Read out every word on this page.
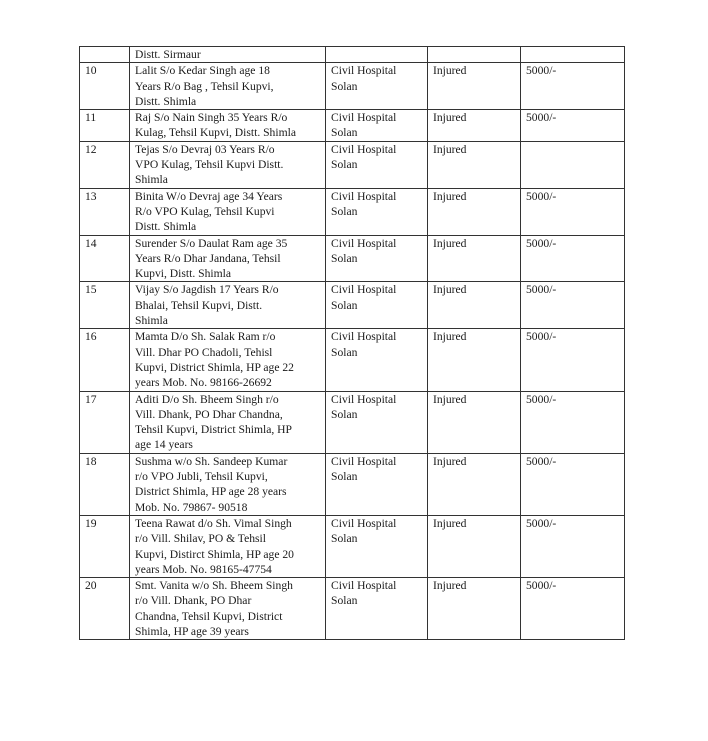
	Distt. Sirmaur			
10	Lalit S/o Kedar Singh age 18
Years R/o Bag , Tehsil Kupvi,
Distt. Shimla	Civil Hospital
Solan	Injured	5000/-
11	Raj S/o Nain Singh 35 Years R/o
Kulag, Tehsil Kupvi, Distt. Shimla	Civil Hospital
Solan	Injured	5000/-
12	Tejas S/o Devraj 03 Years R/o
VPO Kulag, Tehsil Kupvi Distt.
Shimla	Civil Hospital
Solan	Injured	
13	Binita W/o Devraj age 34 Years
R/o VPO Kulag, Tehsil Kupvi
Distt. Shimla	Civil Hospital
Solan	Injured	5000/-
14	Surender S/o Daulat Ram age 35
Years R/o Dhar Jandana, Tehsil
Kupvi, Distt. Shimla	Civil Hospital
Solan	Injured	5000/-
15	Vijay S/o Jagdish 17 Years R/o
Bhalai, Tehsil Kupvi, Distt.
Shimla	Civil Hospital
Solan	Injured	5000/-
16	Mamta D/o Sh. Salak Ram r/o
Vill. Dhar PO Chadoli, Tehisl
Kupvi, District Shimla, HP age 22
years Mob. No. 98166-26692	Civil Hospital
Solan	Injured	5000/-
17	Aditi D/o Sh. Bheem Singh r/o
Vill. Dhank, PO Dhar Chandna,
Tehsil Kupvi, District Shimla, HP
age 14 years	Civil Hospital
Solan	Injured	5000/-
18	Sushma w/o Sh. Sandeep Kumar
r/o VPO Jubli, Tehsil Kupvi,
District Shimla, HP age 28 years
Mob. No. 79867- 90518	Civil Hospital
Solan	Injured	5000/-
19	Teena Rawat d/o Sh. Vimal Singh
r/o Vill. Shilav, PO & Tehsil
Kupvi, Distirct Shimla, HP age 20
years Mob. No. 98165-47754	Civil Hospital
Solan	Injured	5000/-
20	Smt. Vanita w/o Sh. Bheem Singh
r/o Vill. Dhank, PO Dhar
Chandna, Tehsil Kupvi, District
Shimla, HP age 39 years	Civil Hospital
Solan	Injured	5000/-
